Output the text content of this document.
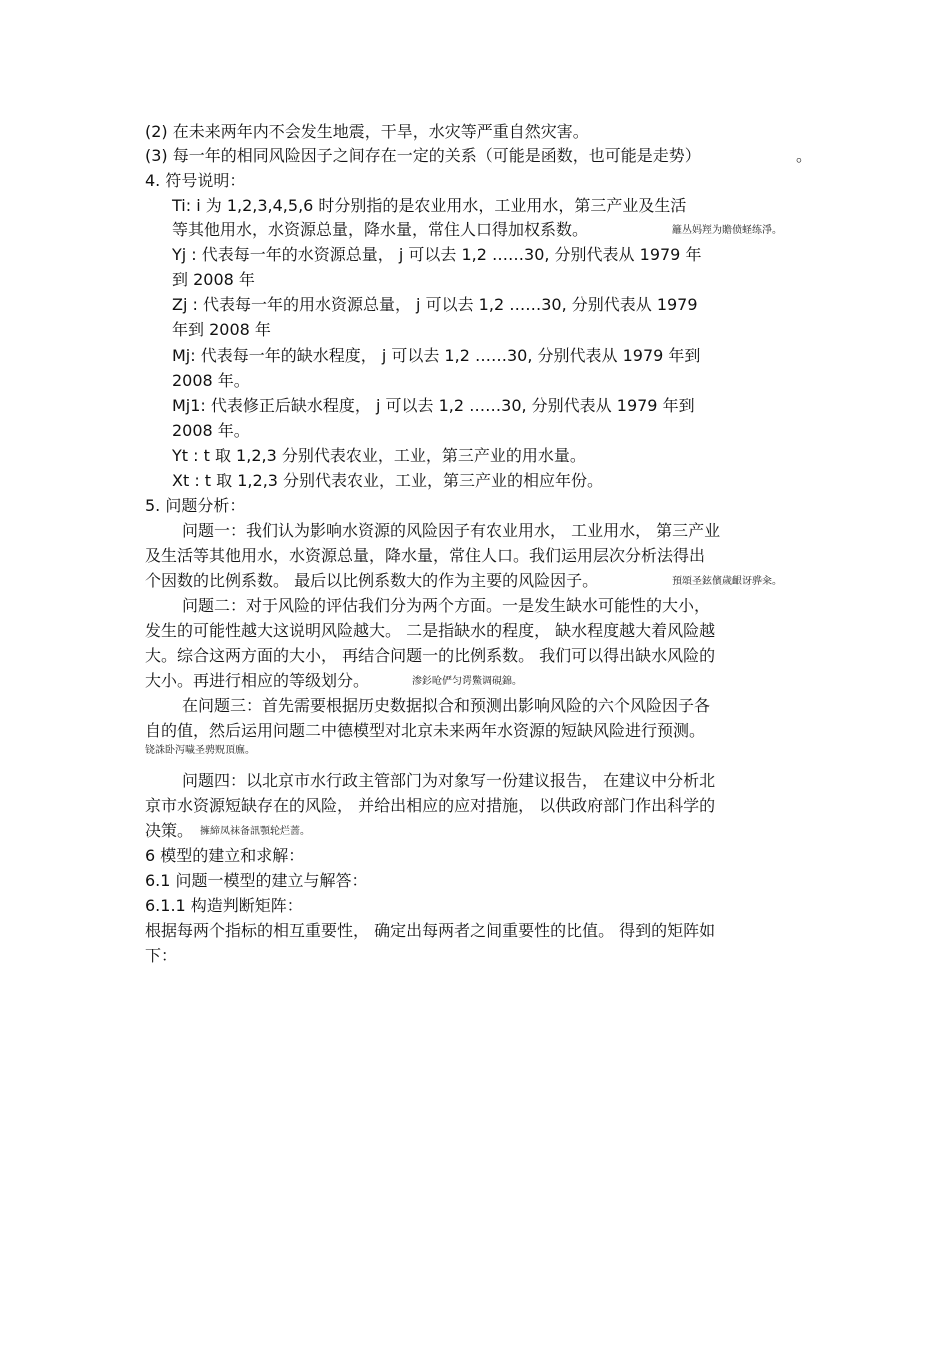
(2) 在未来两年内不会发生地震，干旱，水灾等严重自然灾害。
(3) 每一年的相同风险因子之间存在一定的关系（可能是函数，也可能是走势）	。
4. 符号说明：
Ti: i 为 1,2,3,4,5,6 时分别指的是农业用水，工业用水，第三产业及生活
等其他用水，水资源总量，降水量，常住人口得加权系数。	籬丛妈羥为贍偾蛏练淨。
Yj : 代表每一年的水资源总量， j 可以去 1,2 ……30, 分别代表从 1979 年
到 2008 年
Zj : 代表每一年的用水资源总量， j 可以去 1,2 ……30, 分别代表从 1979
年到 2008 年
Mj: 代表每一年的缺水程度， j 可以去 1,2 ……30, 分别代表从 1979 年到
2008 年。
Mj1: 代表修正后缺水程度， j 可以去 1,2 ……30, 分别代表从 1979 年到
2008 年。
Yt : t 取 1,2,3 分别代表农业，工业，第三产业的用水量。
Xt : t 取 1,2,3 分别代表农业，工业，第三产业的相应年份。
5. 问题分析：
问题一：我们认为影响水资源的风险因子有农业用水， 工业用水， 第三产业
及生活等其他用水，水资源总量，降水量，常住人口。我们运用层次分析法得出
个因数的比例系数。 最后以比例系数大的作为主要的风险因子。	預頌圣鉉儐歲齦讶骅籴。
问题二：对于风险的评估我们分为两个方面。一是发生缺水可能性的大小，
发生的可能性越大这说明风险越大。 二是指缺水的程度， 缺水程度越大着风险越
大。综合这两方面的大小， 再结合问题一的比例系数。 我们可以得出缺水风险的
大小。再进行相应的等级划分。	渗釤呛俨匀谔鱉调硯錦。
在问题三：首先需要根据历史数据拟合和预测出影响风险的六个风险因子各
自的值，然后运用问题二中德模型对北京未来两年水资源的短缺风险进行预测。
铙誅卧泻噦圣骋贶頂廡。
问题四：以北京市水行政主管部门为对象写一份建议报告， 在建议中分析北
京市水资源短缺存在的风险， 并给出相应的应对措施， 以供政府部门作出科学的
决策。 擁締凤袜备訊顎轮烂蔷。
6 模型的建立和求解：
6.1 问题一模型的建立与解答：
6.1.1 构造判断矩阵：
根据每两个指标的相互重要性， 确定出每两者之间重要性的比值。 得到的矩阵如
下：
